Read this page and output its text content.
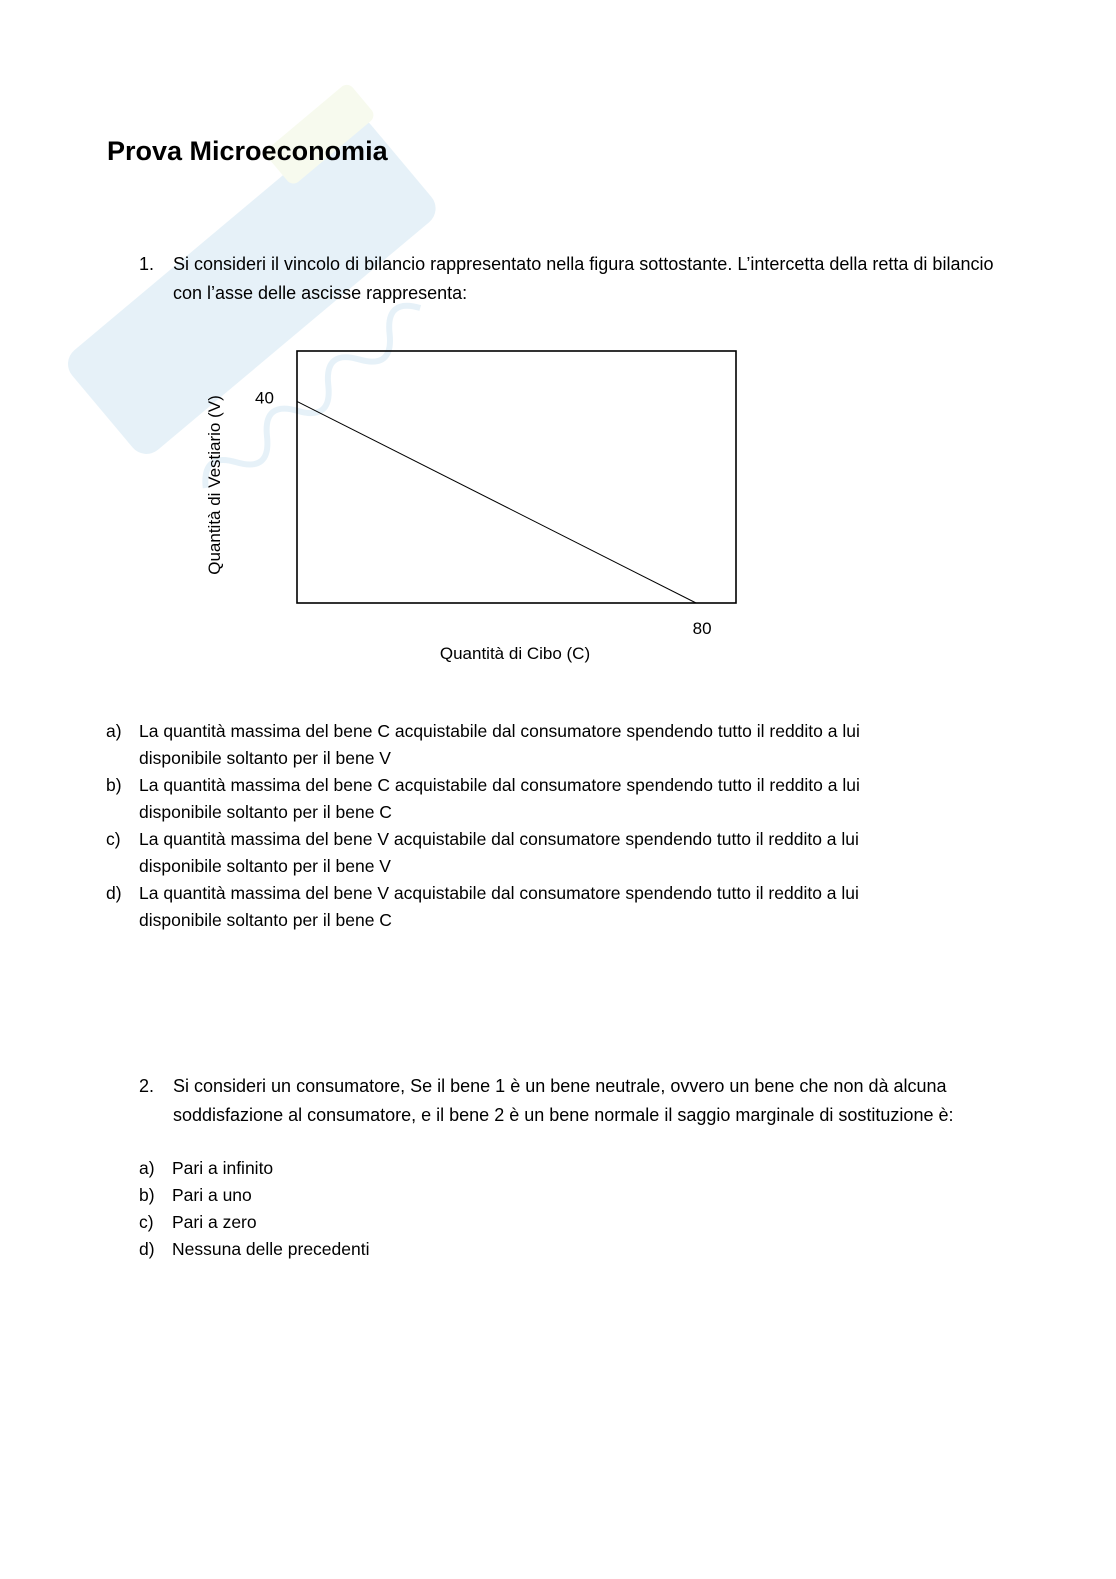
Prova Microeconomia
1. Si consideri il vincolo di bilancio rappresentato nella figura sottostante. L’intercetta della retta di bilancio con l’asse delle ascisse rappresenta:
40
80
Quantità di Cibo (C)
Quantità di Vestiario (V)
a) La quantità massima del bene C acquistabile dal consumatore spendendo tutto il reddito a lui disponibile soltanto per il bene V
b) La quantità massima del bene C acquistabile dal consumatore spendendo tutto il reddito a lui disponibile soltanto per il bene C
c) La quantità massima del bene V acquistabile dal consumatore spendendo tutto il reddito a lui disponibile soltanto per il bene V
d) La quantità massima del bene V acquistabile dal consumatore spendendo tutto il reddito a lui disponibile soltanto per il bene C
2. Si consideri un consumatore, Se il bene 1 è un bene neutrale, ovvero un bene che non dà alcuna soddisfazione al consumatore, e il bene 2 è un bene normale il saggio marginale di sostituzione è:
a) Pari a infinito
b) Pari a uno
c) Pari a zero
d) Nessuna delle precedenti
